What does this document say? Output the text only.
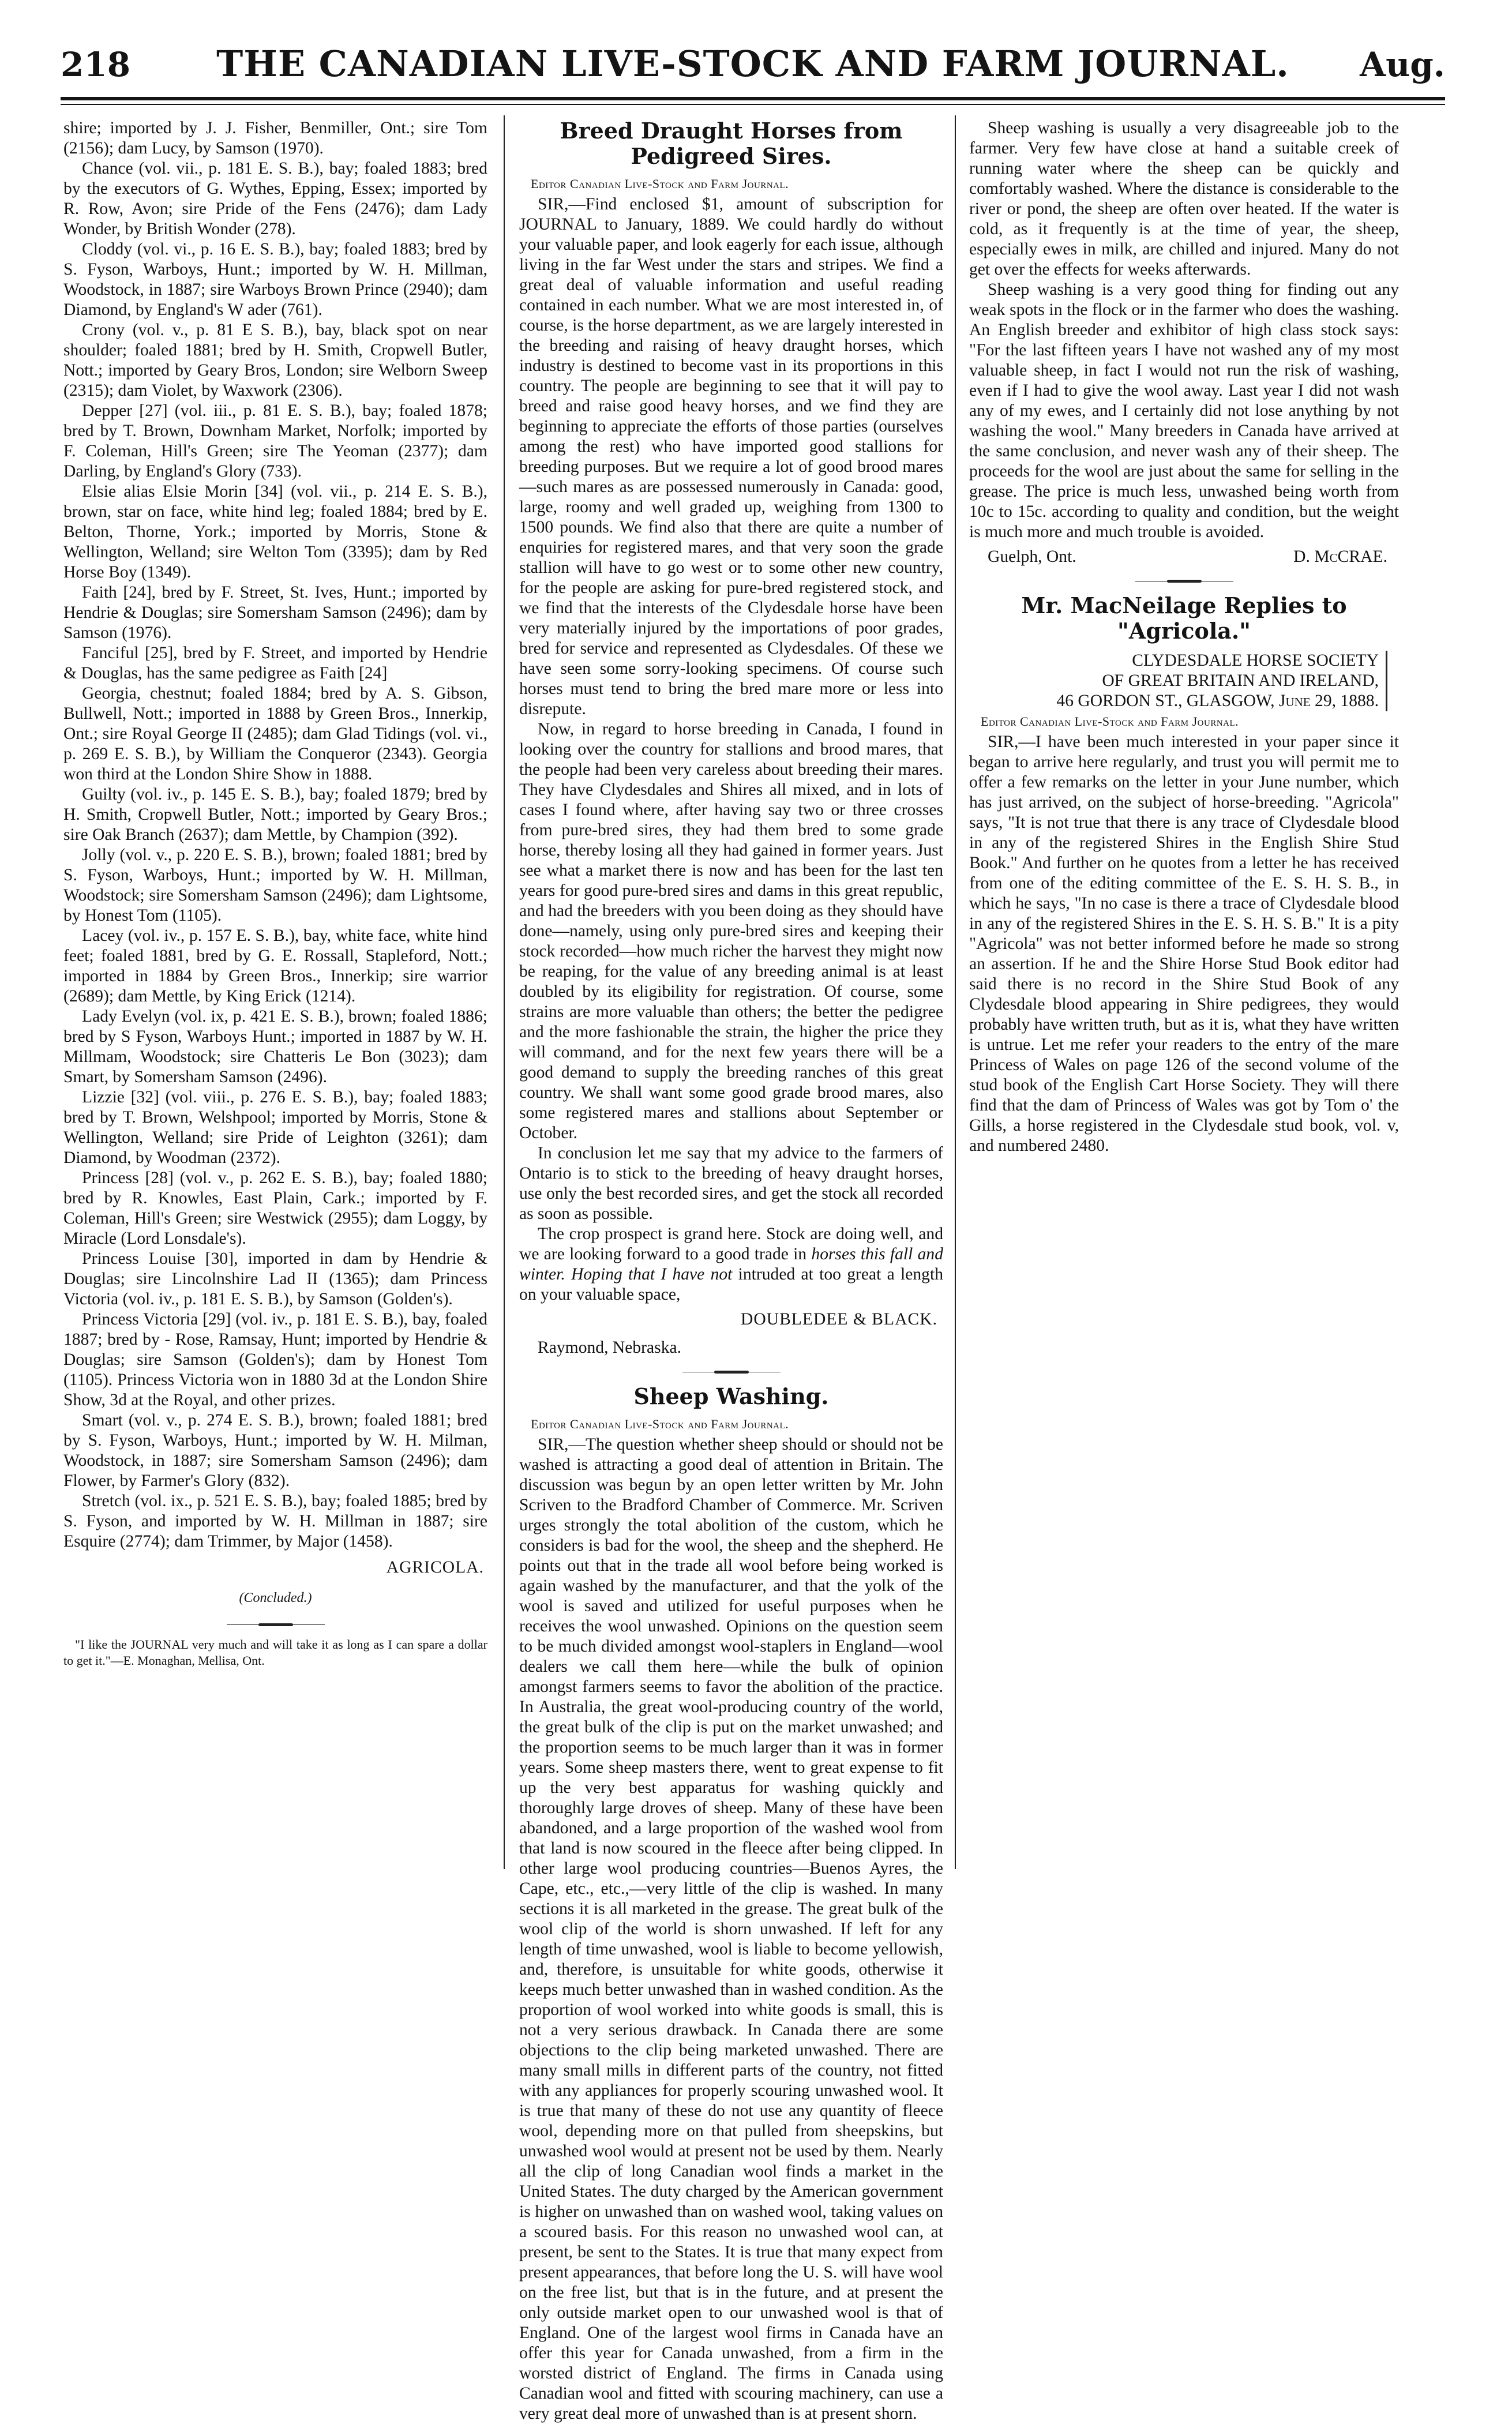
218	THE CANADIAN LIVE-STOCK AND FARM JOURNAL.	Aug.

shire; imported by J. J. Fisher, Benmiller, Ont.; sire Tom (2156); dam Lucy, by Samson (1970).

Chance (vol. vii., p. 181 E. S. B.), bay; foaled 1883; bred by the executors of G. Wythes, Epping, Essex; imported by R. Row, Avon; sire Pride of the Fens (2476); dam Lady Wonder, by British Wonder (278).

Cloddy (vol. vi., p. 16 E. S. B.), bay; foaled 1883; bred by S. Fyson, Warboys, Hunt.; imported by W. H. Millman, Woodstock, in 1887; sire Warboys Brown Prince (2940); dam Diamond, by England's W ader (761).

Crony (vol. v., p. 81 E S. B.), bay, black spot on near shoulder; foaled 1881; bred by H. Smith, Cropwell Butler, Nott.; imported by Geary Bros, London; sire Welborn Sweep (2315); dam Violet, by Waxwork (2306).

Depper [27] (vol. iii., p. 81 E. S. B.), bay; foaled 1878; bred by T. Brown, Downham Market, Norfolk; imported by F. Coleman, Hill's Green; sire The Yeoman (2377); dam Darling, by England's Glory (733).

Elsie alias Elsie Morin [34] (vol. vii., p. 214 E. S. B.), brown, star on face, white hind leg; foaled 1884; bred by E. Belton, Thorne, York.; imported by Morris, Stone & Wellington, Welland; sire Welton Tom (3395); dam by Red Horse Boy (1349).

Faith [24], bred by F. Street, St. Ives, Hunt.; imported by Hendrie & Douglas; sire Somersham Samson (2496); dam by Samson (1976).

Fanciful [25], bred by F. Street, and imported by Hendrie & Douglas, has the same pedigree as Faith [24]

Georgia, chestnut; foaled 1884; bred by A. S. Gibson, Bullwell, Nott.; imported in 1888 by Green Bros., Innerkip, Ont.; sire Royal George II (2485); dam Glad Tidings (vol. vi., p. 269 E. S. B.), by William the Conqueror (2343). Georgia won third at the London Shire Show in 1888.

Guilty (vol. iv., p. 145 E. S. B.), bay; foaled 1879; bred by H. Smith, Cropwell Butler, Nott.; imported by Geary Bros.; sire Oak Branch (2637); dam Mettle, by Champion (392).

Jolly (vol. v., p. 220 E. S. B.), brown; foaled 1881; bred by S. Fyson, Warboys, Hunt.; imported by W. H. Millman, Woodstock; sire Somersham Samson (2496); dam Lightsome, by Honest Tom (1105).

Lacey (vol. iv., p. 157 E. S. B.), bay, white face, white hind feet; foaled 1881, bred by G. E. Rossall, Stapleford, Nott.; imported in 1884 by Green Bros., Innerkip; sire warrior (2689); dam Mettle, by King Erick (1214).

Lady Evelyn (vol. ix, p. 421 E. S. B.), brown; foaled 1886; bred by S Fyson, Warboys Hunt.; imported in 1887 by W. H. Millmam, Woodstock; sire Chatteris Le Bon (3023); dam Smart, by Somersham Samson (2496).

Lizzie [32] (vol. viii., p. 276 E. S. B.), bay; foaled 1883; bred by T. Brown, Welshpool; imported by Morris, Stone & Wellington, Welland; sire Pride of Leighton (3261); dam Diamond, by Woodman (2372).

Princess [28] (vol. v., p. 262 E. S. B.), bay; foaled 1880; bred by R. Knowles, East Plain, Cark.; imported by F. Coleman, Hill's Green; sire Westwick (2955); dam Loggy, by Miracle (Lord Lonsdale's).

Princess Louise [30], imported in dam by Hendrie & Douglas; sire Lincolnshire Lad II (1365); dam Princess Victoria (vol. iv., p. 181 E. S. B.), by Samson (Golden's).

Princess Victoria [29] (vol. iv., p. 181 E. S. B.), bay, foaled 1887; bred by - Rose, Ramsay, Hunt; imported by Hendrie & Douglas; sire Samson (Golden's); dam by Honest Tom (1105). Princess Victoria won in 1880 3d at the London Shire Show, 3d at the Royal, and other prizes.

Smart (vol. v., p. 274 E. S. B.), brown; foaled 1881; bred by S. Fyson, Warboys, Hunt.; imported by W. H. Milman, Woodstock, in 1887; sire Somersham Samson (2496); dam Flower, by Farmer's Glory (832).

Stretch (vol. ix., p. 521 E. S. B.), bay; foaled 1885; bred by S. Fyson, and imported by W. H. Millman in 1887; sire Esquire (2774); dam Trimmer, by Major (1458).

AGRICOLA.
(Concluded.)

"I like the JOURNAL very much and will take it as long as I can spare a dollar to get it."—E. Monaghan, Mellisa, Ont.

Breed Draught Horses from Pedigreed Sires.
Editor Canadian Live-Stock and Farm Journal.

SIR,—Find enclosed $1, amount of subscription for JOURNAL to January, 1889. We could hardly do without your valuable paper, and look eagerly for each issue, although living in the far West under the stars and stripes. We find a great deal of valuable information and useful reading contained in each number. What we are most interested in, of course, is the horse department, as we are largely interested in the breeding and raising of heavy draught horses, which industry is destined to become vast in its proportions in this country. The people are beginning to see that it will pay to breed and raise good heavy horses, and we find they are beginning to appreciate the efforts of those parties (ourselves among the rest) who have imported good stallions for breeding purposes. But we require a lot of good brood mares—such mares as are possessed numerously in Canada: good, large, roomy and well graded up, weighing from 1300 to 1500 pounds. We find also that there are quite a number of enquiries for registered mares, and that very soon the grade stallion will have to go west or to some other new country, for the people are asking for pure-bred registered stock, and we find that the interests of the Clydesdale horse have been very materially injured by the importations of poor grades, bred for service and represented as Clydesdales. Of these we have seen some sorry-looking specimens. Of course such horses must tend to bring the bred mare more or less into disrepute.

Now, in regard to horse breeding in Canada, I found in looking over the country for stallions and brood mares, that the people had been very careless about breeding their mares. They have Clydesdales and Shires all mixed, and in lots of cases I found where, after having say two or three crosses from pure-bred sires, they had them bred to some grade horse, thereby losing all they had gained in former years. Just see what a market there is now and has been for the last ten years for good pure-bred sires and dams in this great republic, and had the breeders with you been doing as they should have done—namely, using only pure-bred sires and keeping their stock recorded—how much richer the harvest they might now be reaping, for the value of any breeding animal is at least doubled by its eligibility for registration. Of course, some strains are more valuable than others; the better the pedigree and the more fashionable the strain, the higher the price they will command, and for the next few years there will be a good demand to supply the breeding ranches of this great country. We shall want some good grade brood mares, also some registered mares and stallions about September or October.

In conclusion let me say that my advice to the farmers of Ontario is to stick to the breeding of heavy draught horses, use only the best recorded sires, and get the stock all recorded as soon as possible.

The crop prospect is grand here. Stock are doing well, and we are looking forward to a good trade in horses this fall and winter. Hoping that I have not intruded at too great a length on your valuable space,

DOUBLEDEE & BLACK.
Raymond, Nebraska.
Sheep Washing.
Editor Canadian Live-Stock and Farm Journal.

SIR,—The question whether sheep should or should not be washed is attracting a good deal of attention in Britain. The discussion was begun by an open letter written by Mr. John Scriven to the Bradford Chamber of Commerce. Mr. Scriven urges strongly the total abolition of the custom, which he considers is bad for the wool, the sheep and the shepherd. He points out that in the trade all wool before being worked is again washed by the manufacturer, and that the yolk of the wool is saved and utilized for useful purposes when he receives the wool unwashed. Opinions on the question seem to be much divided amongst wool-staplers in England—wool dealers we call them here—while the bulk of opinion amongst farmers seems to favor the abolition of the practice. In Australia, the great wool-producing country of the world, the great bulk of the clip is put on the market unwashed; and the proportion seems to be much larger than it was in former years. Some sheep masters there, went to great expense to fit up the very best apparatus for washing quickly and thoroughly large droves of sheep. Many of these have been abandoned, and a large proportion of the washed wool from that land is now scoured in the fleece after being clipped. In other large wool producing countries—Buenos Ayres, the Cape, etc., etc.,—very little of the clip is washed. In many sections it is all marketed in the grease. The great bulk of the wool clip of the world is shorn unwashed. If left for any length of time unwashed, wool is liable to become yellowish, and, therefore, is unsuitable for white goods, otherwise it keeps much better unwashed than in washed condition. As the proportion of wool worked into white goods is small, this is not a very serious drawback. In Canada there are some objections to the clip being marketed unwashed. There are many small mills in different parts of the country, not fitted with any appliances for properly scouring unwashed wool. It is true that many of these do not use any quantity of fleece wool, depending more on that pulled from sheepskins, but unwashed wool would at present not be used by them. Nearly all the clip of long Canadian wool finds a market in the United States. The duty charged by the American government is higher on unwashed than on washed wool, taking values on a scoured basis. For this reason no unwashed wool can, at present, be sent to the States. It is true that many expect from present appearances, that before long the U. S. will have wool on the free list, but that is in the future, and at present the only outside market open to our unwashed wool is that of England. One of the largest wool firms in Canada have an offer this year for Canada unwashed, from a firm in the worsted district of England. The firms in Canada using Canadian wool and fitted with scouring machinery, can use a very great deal more of unwashed than is at present shorn.

Sheep washing is usually a very disagreeable job to the farmer. Very few have close at hand a suitable creek of running water where the sheep can be quickly and comfortably washed. Where the distance is considerable to the river or pond, the sheep are often over heated. If the water is cold, as it frequently is at the time of year, the sheep, especially ewes in milk, are chilled and injured. Many do not get over the effects for weeks afterwards.

Sheep washing is a very good thing for finding out any weak spots in the flock or in the farmer who does the washing. An English breeder and exhibitor of high class stock says: "For the last fifteen years I have not washed any of my most valuable sheep, in fact I would not run the risk of washing, even if I had to give the wool away. Last year I did not wash any of my ewes, and I certainly did not lose anything by not washing the wool." Many breeders in Canada have arrived at the same conclusion, and never wash any of their sheep. The proceeds for the wool are just about the same for selling in the grease. The price is much less, unwashed being worth from 10c to 15c. according to quality and condition, but the weight is much more and much trouble is avoided.

Guelph, Ont.	D. McCRAE.
Mr. MacNeilage Replies to "Agricola."
CLYDESDALE HORSE SOCIETY
OF GREAT BRITAIN AND IRELAND,
46 GORDON ST., GLASGOW, June 29, 1888.
Editor Canadian Live-Stock and Farm Journal.

SIR,—I have been much interested in your paper since it began to arrive here regularly, and trust you will permit me to offer a few remarks on the letter in your June number, which has just arrived, on the subject of horse-breeding. "Agricola" says, "It is not true that there is any trace of Clydesdale blood in any of the registered Shires in the English Shire Stud Book." And further on he quotes from a letter he has received from one of the editing committee of the E. S. H. S. B., in which he says, "In no case is there a trace of Clydesdale blood in any of the registered Shires in the E. S. H. S. B." It is a pity "Agricola" was not better informed before he made so strong an assertion. If he and the Shire Horse Stud Book editor had said there is no record in the Shire Stud Book of any Clydesdale blood appearing in Shire pedigrees, they would probably have written truth, but as it is, what they have written is untrue. Let me refer your readers to the entry of the mare Princess of Wales on page 126 of the second volume of the stud book of the English Cart Horse Society. They will there find that the dam of Princess of Wales was got by Tom o' the Gills, a horse registered in the Clydesdale stud book, vol. v, and numbered 2480.
